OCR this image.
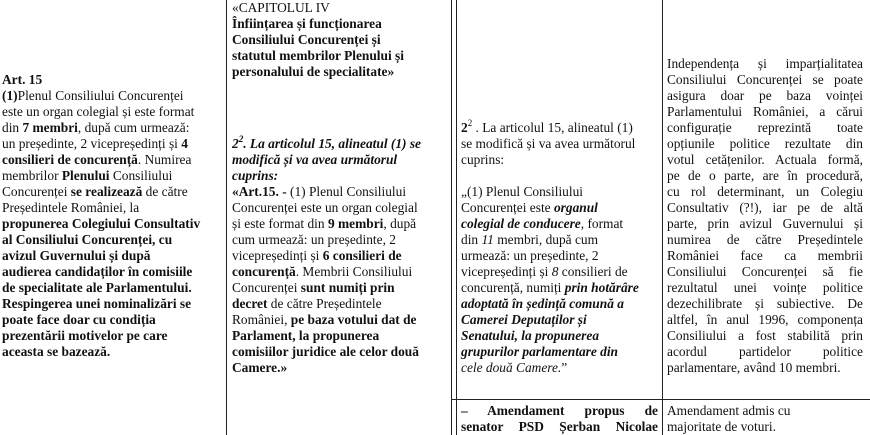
Art. 15

(1)Plenul Consiliului Concurenței

este un organ colegial și este format

din 7 membri, după cum urmează:

un președinte, 2 vicepreședinți și 4

consilieri de concurență. Numirea

membrilor Plenului Consiliului

Concurenței se realizează de către

Președintele României, la

propunerea Colegiului Consultativ

al Consiliului Concurenței, cu

avizul Guvernului și după

audierea candidaților în comisiile

de specialitate ale Parlamentului.

Respingerea unei nominalizări se

poate face doar cu condiția

prezentării motivelor pe care

aceasta se bazează.

«CAPITOLUL IV

Înființarea și funcționarea

Consiliului Concurenței și

statutul membrilor Plenului și

personalului de specialitate»

$2^2$. La articolul 15, alineatul (1) se

modifică și va avea următorul

cuprins:

«Art.15. - (1) Plenul Consiliului

Concurenței este un organ colegial

și este format din 9 membri, după

cum urmează: un președinte, 2

vicepreședinți și 6 consilieri de

concurență. Membrii Consiliului

Concurenței sunt numiți prin

decret de către Președintele

României, pe baza votului dat de

Parlament, la propunerea

comisiilor juridice ale celor două

Camere.»

$2^2$ . La articolul 15, alineatul (1)

se modifică și va avea următorul

cuprins:

„(1) Plenul Consiliului

Concurenței este organul

colegial de conducere, format

din 11 membri, după cum

urmează: un președinte, 2

vicepreședinți și 8 consilieri de

concurență, numiți prin hotărâre

adoptată în ședință comună a

Camerei Deputaților și

Senatului, la propunerea

grupurilor parlamentare din

cele două Camere.”

– Amendament propus de

senator PSD Șerban Nicolae

Independența și imparțialitatea

Consiliului Concurenței se poate

asigura doar pe baza voinței

Parlamentului României, a cărui

configurație reprezintă toate

opțiunile politice rezultate din

votul cetățenilor. Actuala formă,

pe de o parte, are în procedură,

cu rol determinant, un Colegiu

Consultativ (?!), iar pe de altă

parte, prin avizul Guvernului și

numirea de către Președintele

României face ca membrii

Consiliului Concurenței să fie

rezultatul unei voințe politice

dezechilibrate și subiective. De

altfel, în anul 1996, componența

Consiliului a fost stabilită prin

acordul partidelor politice

parlamentare, având 10 membri.

Amendament admis cu

majoritate de voturi.
